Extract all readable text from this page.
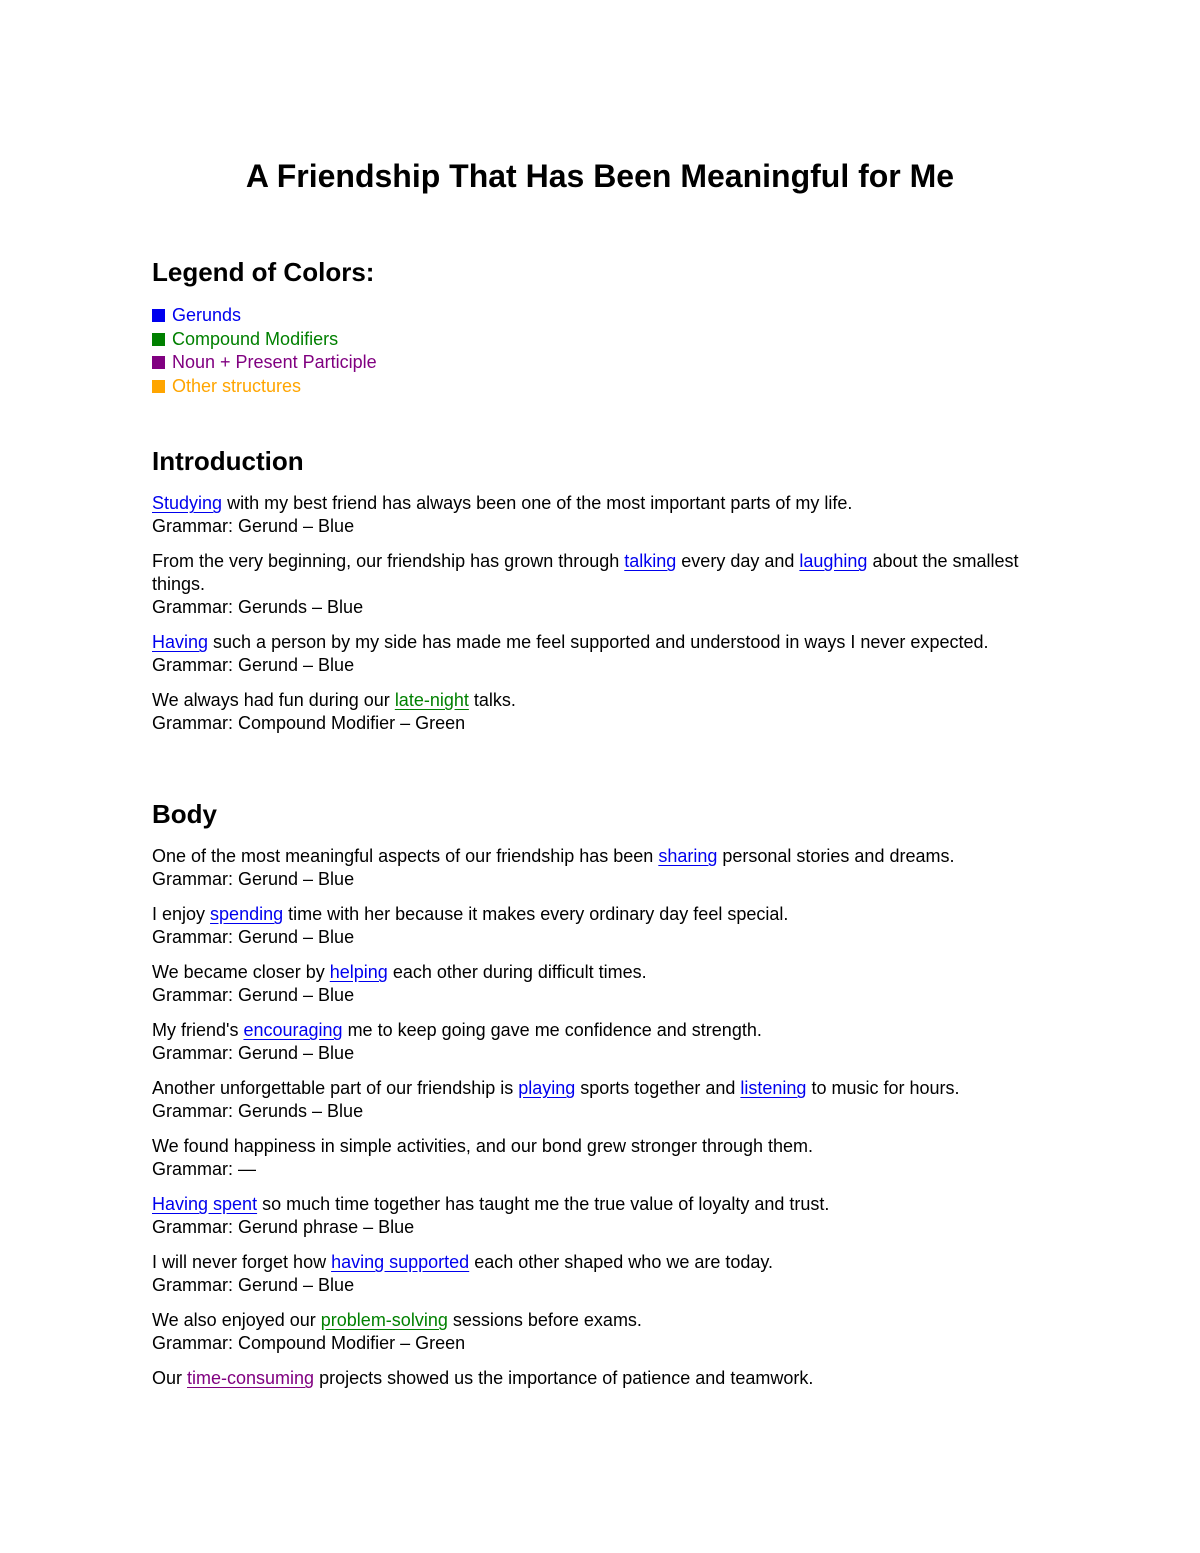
A Friendship That Has Been Meaningful for Me
Legend of Colors:
Gerunds
Compound Modifiers
Noun + Present Participle
Other structures
Introduction
Studying with my best friend has always been one of the most important parts of my life.
Grammar: Gerund – Blue
From the very beginning, our friendship has grown through talking every day and laughing about the smallest things.
Grammar: Gerunds – Blue
Having such a person by my side has made me feel supported and understood in ways I never expected.
Grammar: Gerund – Blue
We always had fun during our late-night talks.
Grammar: Compound Modifier – Green
Body
One of the most meaningful aspects of our friendship has been sharing personal stories and dreams.
Grammar: Gerund – Blue
I enjoy spending time with her because it makes every ordinary day feel special.
Grammar: Gerund – Blue
We became closer by helping each other during difficult times.
Grammar: Gerund – Blue
My friend's encouraging me to keep going gave me confidence and strength.
Grammar: Gerund – Blue
Another unforgettable part of our friendship is playing sports together and listening to music for hours.
Grammar: Gerunds – Blue
We found happiness in simple activities, and our bond grew stronger through them.
Grammar: —
Having spent so much time together has taught me the true value of loyalty and trust.
Grammar: Gerund phrase – Blue
I will never forget how having supported each other shaped who we are today.
Grammar: Gerund – Blue
We also enjoyed our problem-solving sessions before exams.
Grammar: Compound Modifier – Green
Our time-consuming projects showed us the importance of patience and teamwork.
